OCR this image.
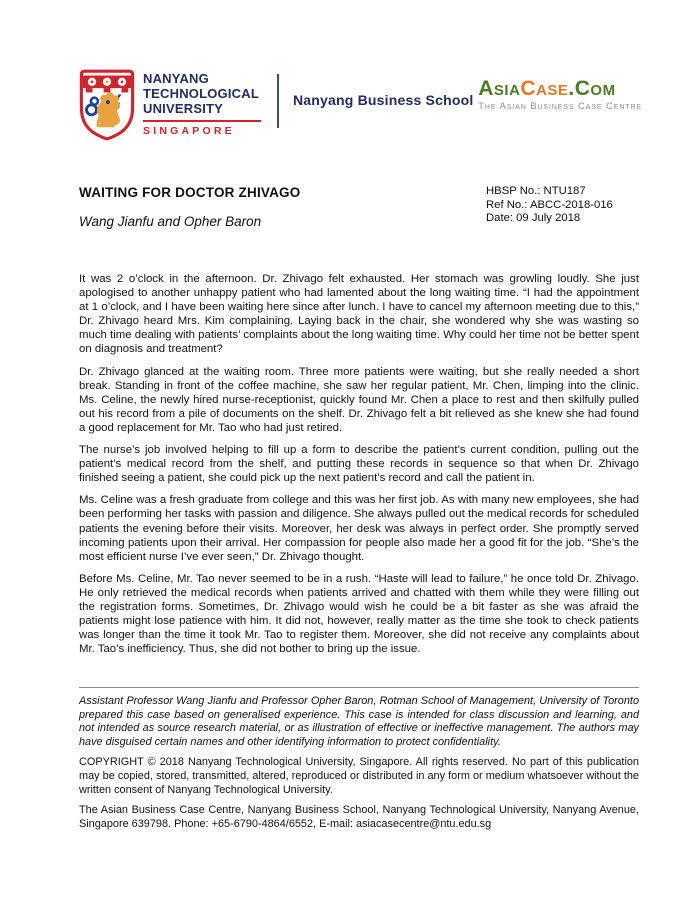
NANYANG
TECHNOLOGICAL
UNIVERSITY
SINGAPORE
Nanyang Business School AsiaCase.Com
The Asian Business Case Centre
WAITING FOR DOCTOR ZHIVAGO
Wang Jianfu and Opher Baron
HBSP No.: NTU187
Ref No.: ABCC-2018-016
Date: 09 July 2018

It was 2 o’clock in the afternoon. Dr. Zhivago felt exhausted. Her stomach was growling loudly. She just apologised to another unhappy patient who had lamented about the long waiting time. “I had the appointment at 1 o’clock, and I have been waiting here since after lunch. I have to cancel my afternoon meeting due to this,” Dr. Zhivago heard Mrs. Kim complaining. Laying back in the chair, she wondered why she was wasting so much time dealing with patients’ complaints about the long waiting time. Why could her time not be better spent on diagnosis and treatment?

Dr. Zhivago glanced at the waiting room. Three more patients were waiting, but she really needed a short break. Standing in front of the coffee machine, she saw her regular patient, Mr. Chen, limping into the clinic. Ms. Celine, the newly hired nurse-receptionist, quickly found Mr. Chen a place to rest and then skilfully pulled out his record from a pile of documents on the shelf. Dr. Zhivago felt a bit relieved as she knew she had found a good replacement for Mr. Tao who had just retired.

The nurse’s job involved helping to fill up a form to describe the patient’s current condition, pulling out the patient’s medical record from the shelf, and putting these records in sequence so that when Dr. Zhivago finished seeing a patient, she could pick up the next patient’s record and call the patient in.

Ms. Celine was a fresh graduate from college and this was her first job. As with many new employees, she had been performing her tasks with passion and diligence. She always pulled out the medical records for scheduled patients the evening before their visits. Moreover, her desk was always in perfect order. She promptly served incoming patients upon their arrival. Her compassion for people also made her a good fit for the job. “She’s the most efficient nurse I’ve ever seen,” Dr. Zhivago thought.

Before Ms. Celine, Mr. Tao never seemed to be in a rush. “Haste will lead to failure,” he once told Dr. Zhivago. He only retrieved the medical records when patients arrived and chatted with them while they were filling out the registration forms. Sometimes, Dr. Zhivago would wish he could be a bit faster as she was afraid the patients might lose patience with him. It did not, however, really matter as the time she took to check patients was longer than the time it took Mr. Tao to register them. Moreover, she did not receive any complaints about Mr. Tao’s inefficiency. Thus, she did not bother to bring up the issue.

Assistant Professor Wang Jianfu and Professor Opher Baron, Rotman School of Management, University of Toronto prepared this case based on generalised experience. This case is intended for class discussion and learning, and not intended as source research material, or as illustration of effective or ineffective management. The authors may have disguised certain names and other identifying information to protect confidentiality.

COPYRIGHT © 2018 Nanyang Technological University, Singapore. All rights reserved. No part of this publication may be copied, stored, transmitted, altered, reproduced or distributed in any form or medium whatsoever without the written consent of Nanyang Technological University.

The Asian Business Case Centre, Nanyang Business School, Nanyang Technological University, Nanyang Avenue, Singapore 639798. Phone: +65-6790-4864/6552, E-mail: asiacasecentre@ntu.edu.sg
